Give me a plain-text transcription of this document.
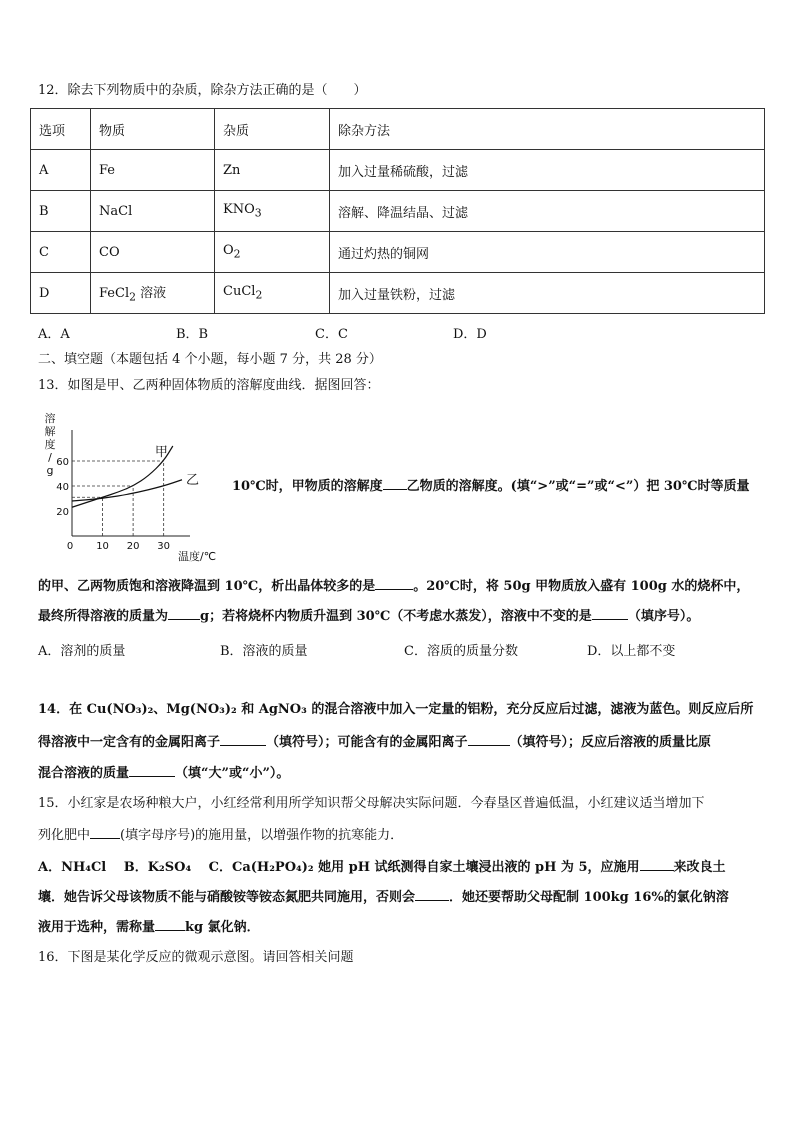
12．除去下列物质中的杂质，除杂方法正确的是（　　）
选项	物质	杂质	除杂方法
A	Fe	Zn	加入过量稀硫酸，过滤
B	NaCl	$KNO_3$	溶解、降温结晶、过滤
C	CO	$O_2$	通过灼热的铜网
D	FeCl$_2$ 溶液	CuCl$_2$	加入过量铁粉，过滤
A．A	B．B	C．C	D．D
二、填空题（本题包括 4 个小题，每小题 7 分，共 28 分）
13．如图是甲、乙两种固体物质的溶解度曲线．据图回答：
溶解度/ g
温度/℃
20
40
60
0 10 20 30
甲
乙	10℃时，甲物质的溶解度 乙物质的溶解度。(填“>”或“=”或“<”）把 30℃时等质量
的甲、乙两物质饱和溶液降温到 10℃，析出晶体较多的是	。20℃时，将 50g 甲物质放入盛有 100g 水的烧杯中，
最终所得溶液的质量为 g；若将烧杯内物质升温到 30℃（不考虑水蒸发），溶液中不变的是	（填序号）。
A．溶剂的质量	B．溶液的质量	C．溶质的质量分数	D．以上都不变
14．在 Cu(NO₃)₂、Mg(NO₃)₂ 和 AgNO₃ 的混合溶液中加入一定量的铝粉，充分反应后过滤，滤液为蓝色。则反应后所
得溶液中一定含有的金属阳离子	（填符号）；可能含有的金属阳离子	（填符号）；反应后溶液的质量比原
混合溶液的质量	（填“大”或“小”）。
15．小红家是农场种粮大户，小红经常利用所学知识帮父母解决实际问题．今春垦区普遍低温，小红建议适当增加下
列化肥中 (填字母序号)的施用量，以增强作物的抗寒能力．
A．NH₄Cl　 B．K₂SO₄　 C．Ca(H₂PO₄)₂ 她用 pH 试纸测得自家土壤浸出液的 pH 为 5，应施用	来改良土
壤．她告诉父母该物质不能与硝酸铵等铵态氮肥共同施用，否则会	．她还要帮助父母配制 100kg 16%的氯化钠溶
液用于选种，需称量 kg 氯化钠．
16．下图是某化学反应的微观示意图。请回答相关问题
